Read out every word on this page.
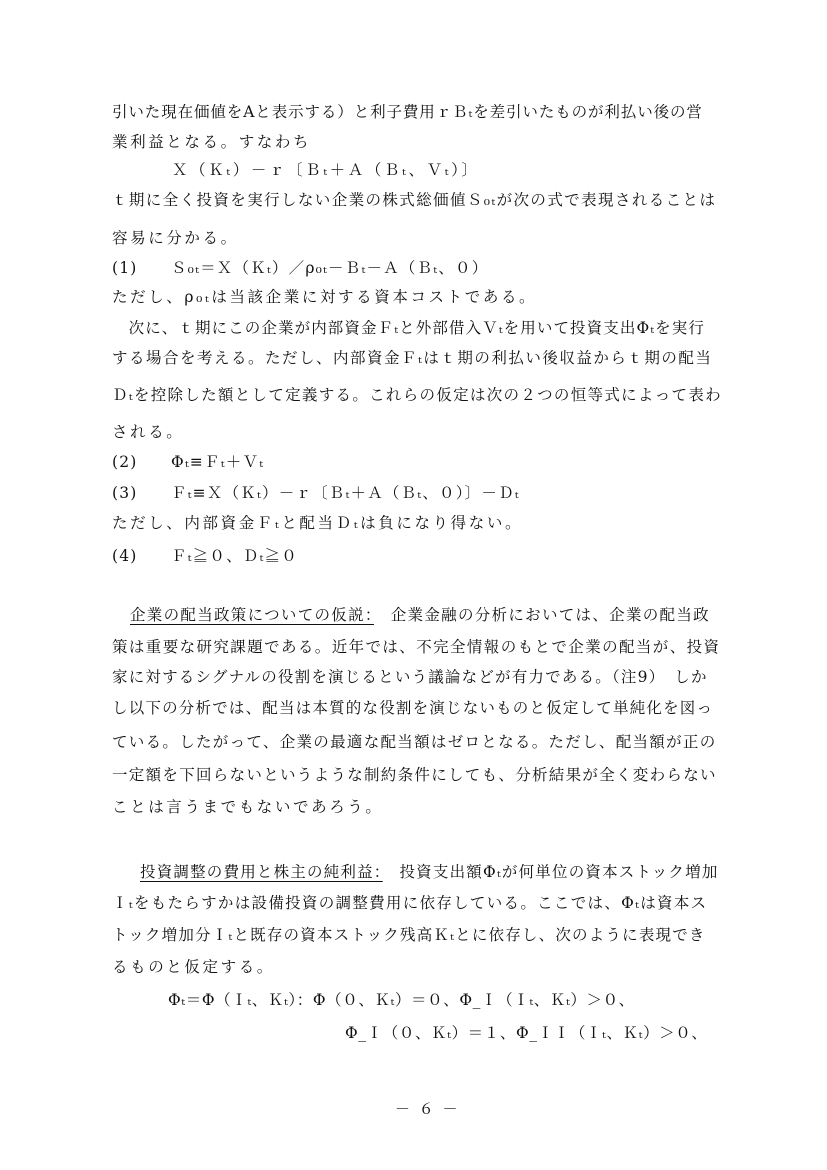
引いた現在価値をAと表示する）と利子費用ｒＢₜを差引いたものが利払い後の営
業利益となる。すなわち
Ｘ（Ｋₜ）－ｒ〔Ｂₜ＋Ａ（Ｂₜ、Ｖₜ）〕
ｔ期に全く投資を実行しない企業の株式総価値Ｓ₀ₜが次の式で表現されることは
容易に分かる。
(1)　　Ｓ₀ₜ＝Ｘ（Ｋₜ）／ρ₀ₜ－Ｂₜ－Ａ（Ｂₜ、０）
ただし、ρ₀ₜは当該企業に対する資本コストである。
　次に、ｔ期にこの企業が内部資金Ｆₜと外部借入Ｖₜを用いて投資支出Φₜを実行
する場合を考える。ただし、内部資金Ｆₜはｔ期の利払い後収益からｔ期の配当
Ｄₜを控除した額として定義する。これらの仮定は次の２つの恒等式によって表わ
される。
(2)　　Φₜ≡Ｆₜ＋Ｖₜ
(3)　　Ｆₜ≡Ｘ（Ｋₜ）－ｒ〔Ｂₜ＋Ａ（Ｂₜ、０）〕－Ｄₜ
ただし、内部資金Ｆₜと配当Ｄₜは負になり得ない。
(4)　　Ｆₜ≧０、Ｄₜ≧０
企業の配当政策についての仮説：　企業金融の分析においては、企業の配当政
策は重要な研究課題である。近年では、不完全情報のもとで企業の配当が、投資
家に対するシグナルの役割を演じるという議論などが有力である。（注9）　しか
し以下の分析では、配当は本質的な役割を演じないものと仮定して単純化を図っ
ている。したがって、企業の最適な配当額はゼロとなる。ただし、配当額が正の
一定額を下回らないというような制約条件にしても、分析結果が全く変わらない
ことは言うまでもないであろう。
投資調整の費用と株主の純利益：　投資支出額Φₜが何単位の資本ストック増加
Ｉₜをもたらすかは設備投資の調整費用に依存している。ここでは、Φₜは資本ス
トック増加分Ｉₜと既存の資本ストック残高Ｋₜとに依存し、次のように表現でき
るものと仮定する。
Φₜ＝Φ（Ｉₜ、Ｋₜ）：Φ（０、Ｋₜ）＝０、Φ_Ｉ（Ｉₜ、Ｋₜ）＞０、
Φ_Ｉ（０、Ｋₜ）＝１、Φ_ＩＩ（Ｉₜ、Ｋₜ）＞０、
－ ６ －
